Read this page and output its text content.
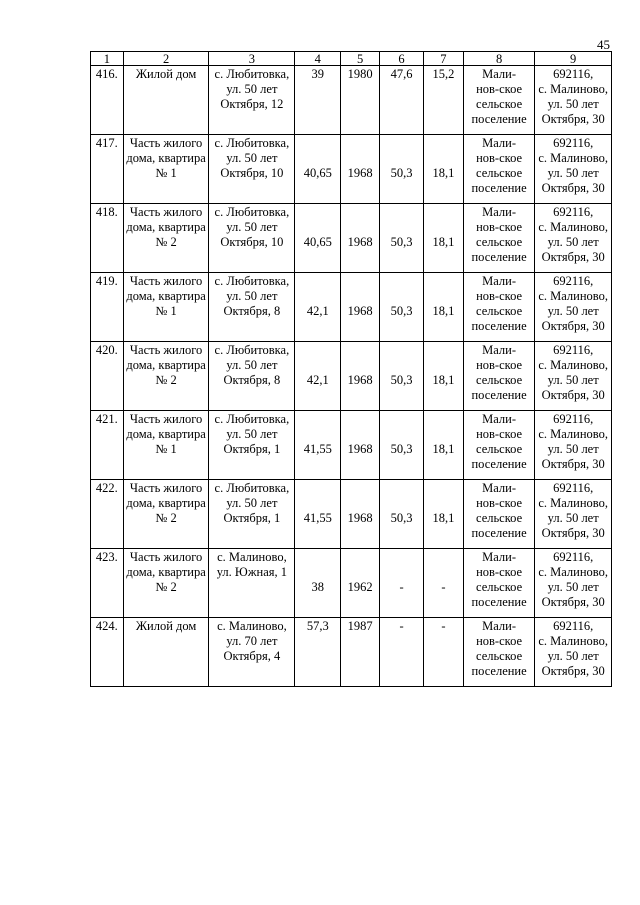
45
1	2	3	4	5	6	7	8	9
416.	Жилой дом	с. Любитовка,
ул. 50 лет
Октября, 12	39	1980	47,6	15,2	Мали-
нов-ское
сельское
поселение	692116,
с. Малиново,
ул. 50 лет
Октября, 30
417.	Часть жилого
дома, квартира
№ 1	с. Любитовка,
ул. 50 лет
Октября, 10	40,65	1968	50,3	18,1	Мали-
нов-ское
сельское
поселение	692116,
с. Малиново,
ул. 50 лет
Октября, 30
418.	Часть жилого
дома, квартира
№ 2	с. Любитовка,
ул. 50 лет
Октября, 10	40,65	1968	50,3	18,1	Мали-
нов-ское
сельское
поселение	692116,
с. Малиново,
ул. 50 лет
Октября, 30
419.	Часть жилого
дома, квартира
№ 1	с. Любитовка,
ул. 50 лет
Октября, 8	42,1	1968	50,3	18,1	Мали-
нов-ское
сельское
поселение	692116,
с. Малиново,
ул. 50 лет
Октября, 30
420.	Часть жилого
дома, квартира
№ 2	с. Любитовка,
ул. 50 лет
Октября, 8	42,1	1968	50,3	18,1	Мали-
нов-ское
сельское
поселение	692116,
с. Малиново,
ул. 50 лет
Октября, 30
421.	Часть жилого
дома, квартира
№ 1	с. Любитовка,
ул. 50 лет
Октября, 1	41,55	1968	50,3	18,1	Мали-
нов-ское
сельское
поселение	692116,
с. Малиново,
ул. 50 лет
Октября, 30
422.	Часть жилого
дома, квартира
№ 2	с. Любитовка,
ул. 50 лет
Октября, 1	41,55	1968	50,3	18,1	Мали-
нов-ское
сельское
поселение	692116,
с. Малиново,
ул. 50 лет
Октября, 30
423.	Часть жилого
дома, квартира
№ 2	с. Малиново,
ул. Южная, 1	38	1962	-	-	Мали-
нов-ское
сельское
поселение	692116,
с. Малиново,
ул. 50 лет
Октября, 30
424.	Жилой дом	с. Малиново,
ул. 70 лет
Октября, 4	57,3	1987	-	-	Мали-
нов-ское
сельское
поселение	692116,
с. Малиново,
ул. 50 лет
Октября, 30
